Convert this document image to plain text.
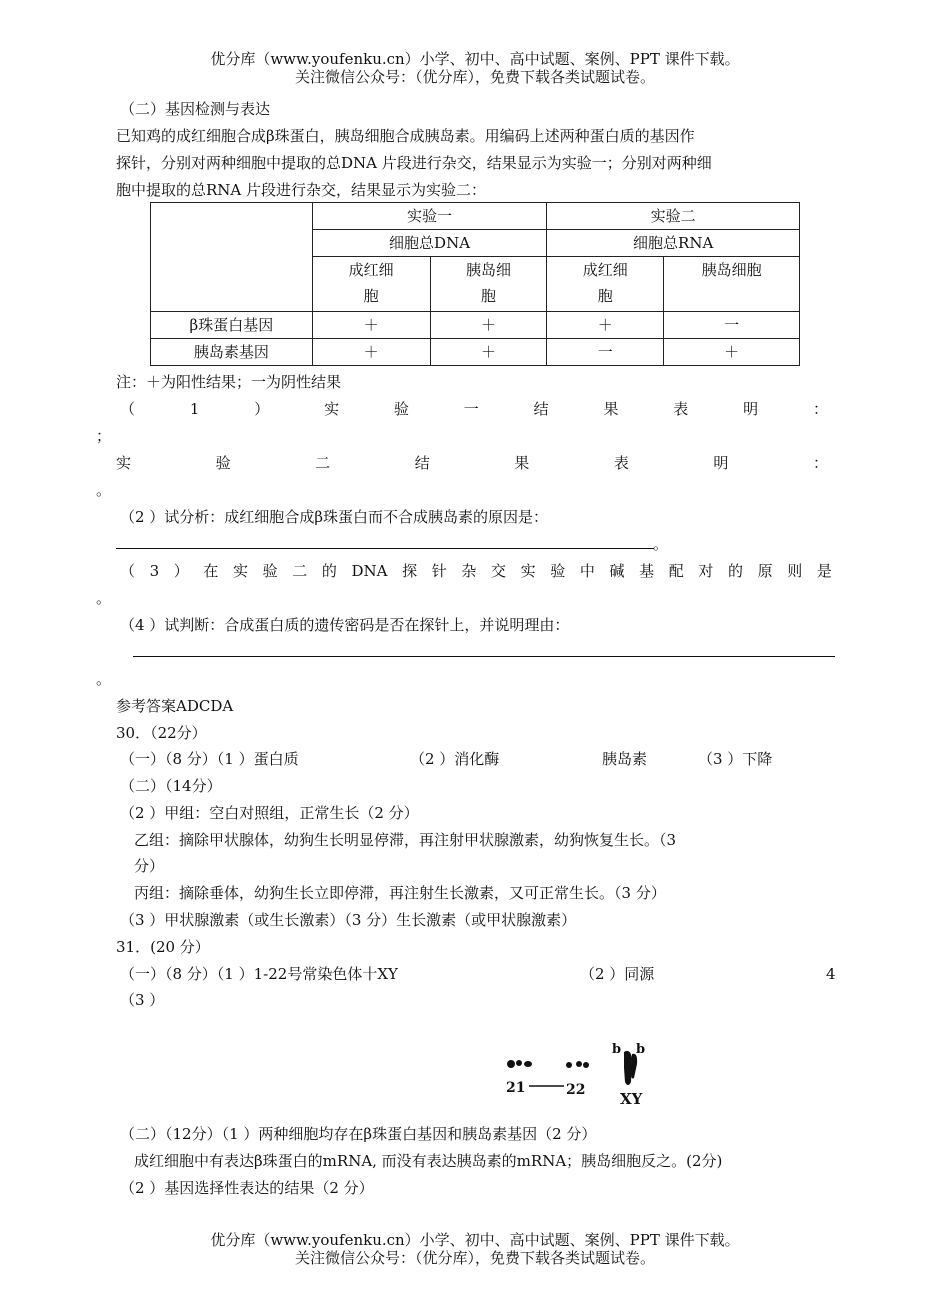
优分库（www.youfenku.cn）小学、初中、高中试题、案例、PPT 课件下载。
关注微信公众号：（优分库），免费下载各类试题试卷。
（二）基因检测与表达
已知鸡的成红细胞合成β珠蛋白，胰岛细胞合成胰岛素。用编码上述两种蛋白质的基因作
探针，分别对两种细胞中提取的总DNA 片段进行杂交，结果显示为实验一；分别对两种细
胞中提取的总RNA 片段进行杂交，结果显示为实验二：
	实验一		实验二	
	细胞总DNA		细胞总RNA	
	成红细
胞	胰岛细
胞	成红细
胞	胰岛细胞
β珠蛋白基因	＋	＋	＋	一
胰岛素基因	＋	＋	一	＋
注：＋为阳性结果；一为阴性结果
（	1	）	实	验	一	结	果	表	明	：
；
实	验	二	结	果	表	明	：
。
（2 ）试分析：成红细胞合成β珠蛋白而不合成胰岛素的原因是：
。
（ 3 ） 在 实 验 二 的 DNA 探 针 杂 交 实 验 中 碱 基 配 对 的 原 则 是
。
（4 ）试判断：合成蛋白质的遗传密码是否在探针上，并说明理由：
。
参考答案ADCDA
30．（22分）
（一）（8 分）（1 ）蛋白质	（2 ）消化酶	胰岛素	（3 ）下降
（二）（14分）
（2 ）甲组：空白对照组，正常生长（2 分）
乙组：摘除甲状腺体，幼狗生长明显停滞，再注射甲状腺激素，幼狗恢复生长。（3
分）
丙组：摘除垂体，幼狗生长立即停滞，再注射生长激素，又可正常生长。（3 分）
（3 ）甲状腺激素（或生长激素）（3 分）生长激素（或甲状腺激素）
31．(20 分）
（一）（8 分）（1 ）1-22号常染色体十XY	（2 ）同源	4
（3 ）
b b
21	22 XY
（二）（12分）（1 ）两种细胞均存在β珠蛋白基因和胰岛素基因（2 分）
成红细胞中有表达β珠蛋白的mRNA, 而没有表达胰岛素的mRNA；胰岛细胞反之。(2分)
（2 ）基因选择性表达的结果（2 分）
优分库（www.youfenku.cn）小学、初中、高中试题、案例、PPT 课件下载。
关注微信公众号：（优分库），免费下载各类试题试卷。
